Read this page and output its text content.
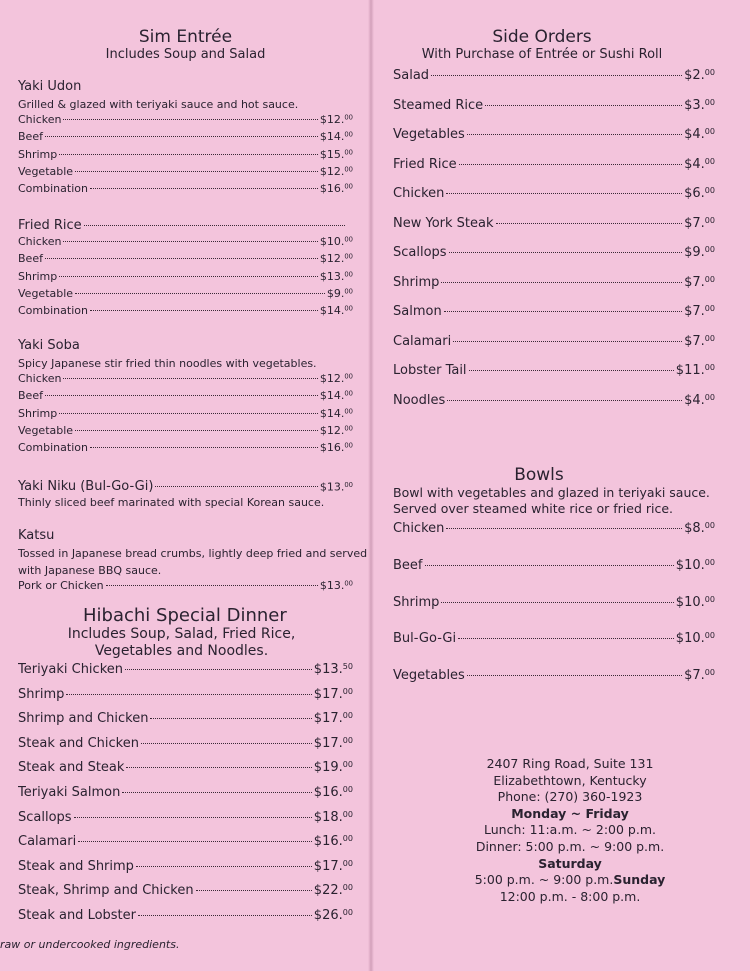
Sim Entrée
Includes Soup and Salad
Yaki Udon
Grilled & glazed with teriyaki sauce and hot sauce.
Chicken	$12.00
Beef	$14.00
Shrimp	$15.00
Vegetable	$12.00
Combination	$16.00
Fried Rice
Chicken	$10.00
Beef	$12.00
Shrimp	$13.00
Vegetable	$9.00
Combination	$14.00
Yaki Soba
Spicy Japanese stir fried thin noodles with vegetables.
Chicken	$12.00
Beef	$14.00
Shrimp	$14.00
Vegetable	$12.00
Combination	$16.00
Yaki Niku (Bul-Go-Gi)	$13.00
Thinly sliced beef marinated with special Korean sauce.
Katsu
Tossed in Japanese bread crumbs, lightly deep fried and served
with Japanese BBQ sauce.
Pork or Chicken	$13.00
Hibachi Special Dinner
Includes Soup, Salad, Fried Rice,
Vegetables and Noodles.
Teriyaki Chicken	$13.50
Shrimp	$17.00
Shrimp and Chicken	$17.00
Steak and Chicken	$17.00
Steak and Steak	$19.00
Teriyaki Salmon	$16.00
Scallops	$18.00
Calamari	$16.00
Steak and Shrimp	$17.00
Steak, Shrimp and Chicken	$22.00
Steak and Lobster	$26.00
raw or undercooked ingredients.
Side Orders
With Purchase of Entrée or Sushi Roll
Salad	$2.00
Steamed Rice	$3.00
Vegetables	$4.00
Fried Rice	$4.00
Chicken	$6.00
New York Steak	$7.00
Scallops	$9.00
Shrimp	$7.00
Salmon	$7.00
Calamari	$7.00
Lobster Tail	$11.00
Noodles	$4.00
Bowls
Bowl with vegetables and glazed in teriyaki sauce.
Served over steamed white rice or fried rice.
Chicken	$8.00
Beef	$10.00
Shrimp	$10.00
Bul-Go-Gi	$10.00
Vegetables	$7.00
2407 Ring Road, Suite 131
Elizabethtown, Kentucky
Phone: (270) 360-1923
Monday ~ Friday
Lunch: 11:a.m. ~ 2:00 p.m.
Dinner: 5:00 p.m. ~ 9:00 p.m.
Saturday
5:00 p.m. ~ 9:00 p.m.Sunday
12:00 p.m. - 8:00 p.m.
